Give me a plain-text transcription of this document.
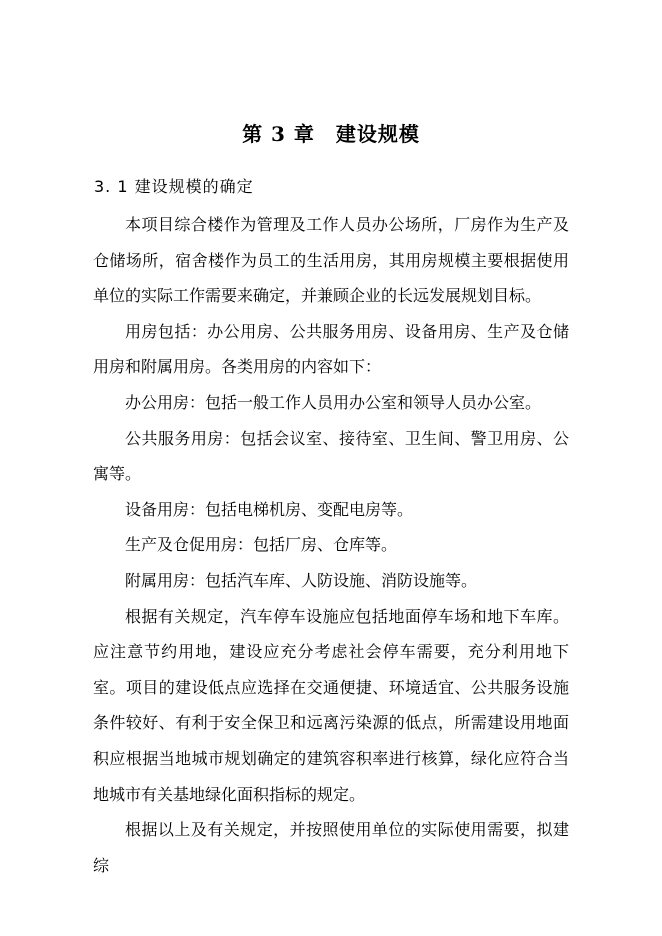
第 3 章　建设规模
3. 1 建设规模的确定

本项目综合楼作为管理及工作人员办公场所，厂房作为生产及仓储场所，宿舍楼作为员工的生活用房，其用房规模主要根据使用单位的实际工作需要来确定，并兼顾企业的长远发展规划目标。

用房包括：办公用房、公共服务用房、设备用房、生产及仓储用房和附属用房。各类用房的内容如下：

办公用房：包括一般工作人员用办公室和领导人员办公室。

公共服务用房：包括会议室、接待室、卫生间、警卫用房、公寓等。

设备用房：包括电梯机房、变配电房等。

生产及仓促用房：包括厂房、仓库等。

附属用房：包括汽车库、人防设施、消防设施等。

根据有关规定，汽车停车设施应包括地面停车场和地下车库。应注意节约用地，建设应充分考虑社会停车需要，充分利用地下室。项目的建设低点应选择在交通便捷、环境适宜、公共服务设施条件较好、有利于安全保卫和远离污染源的低点，所需建设用地面积应根据当地城市规划确定的建筑容积率进行核算，绿化应符合当地城市有关基地绿化面积指标的规定。

根据以上及有关规定，并按照使用单位的实际使用需要，拟建综
